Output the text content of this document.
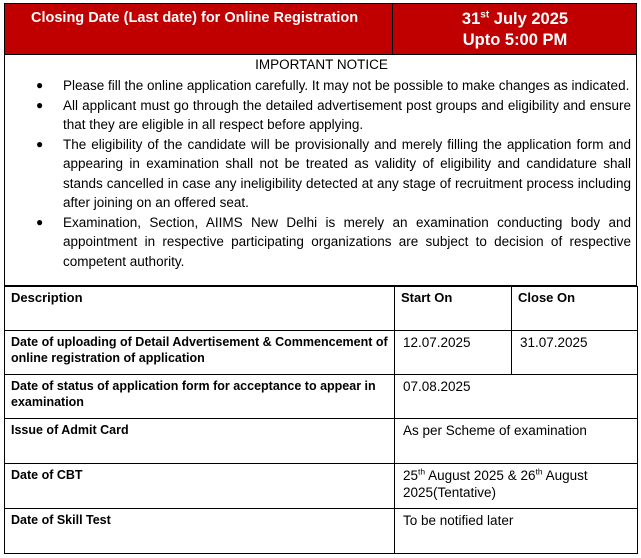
Closing Date (Last date) for Online Registration	31st July 2025
Upto 5:00 PM
IMPORTANT NOTICE
● Please fill the online application carefully. It may not be possible to make changes as indicated.
● All applicant must go through the detailed advertisement post groups and eligibility and ensure that they are eligible in all respect before applying.
● The eligibility of the candidate will be provisionally and merely filling the application form and appearing in examination shall not be treated as validity of eligibility and candidature shall stands cancelled in case any ineligibility detected at any stage of recruitment process including after joining on an offered seat.
● Examination, Section, AIIMS New Delhi is merely an examination conducting body and appointment in respective participating organizations are subject to decision of respective competent authority.
Description	Start On	Close On
Date of uploading of Detail Advertisement & Commencement of online registration of application	12.07.2025	31.07.2025
Date of status of application form for acceptance to appear in examination	07.08.2025	
Issue of Admit Card	As per Scheme of examination	
Date of CBT	25th August 2025 & 26th August 2025(Tentative)	
Date of Skill Test	To be notified later	
